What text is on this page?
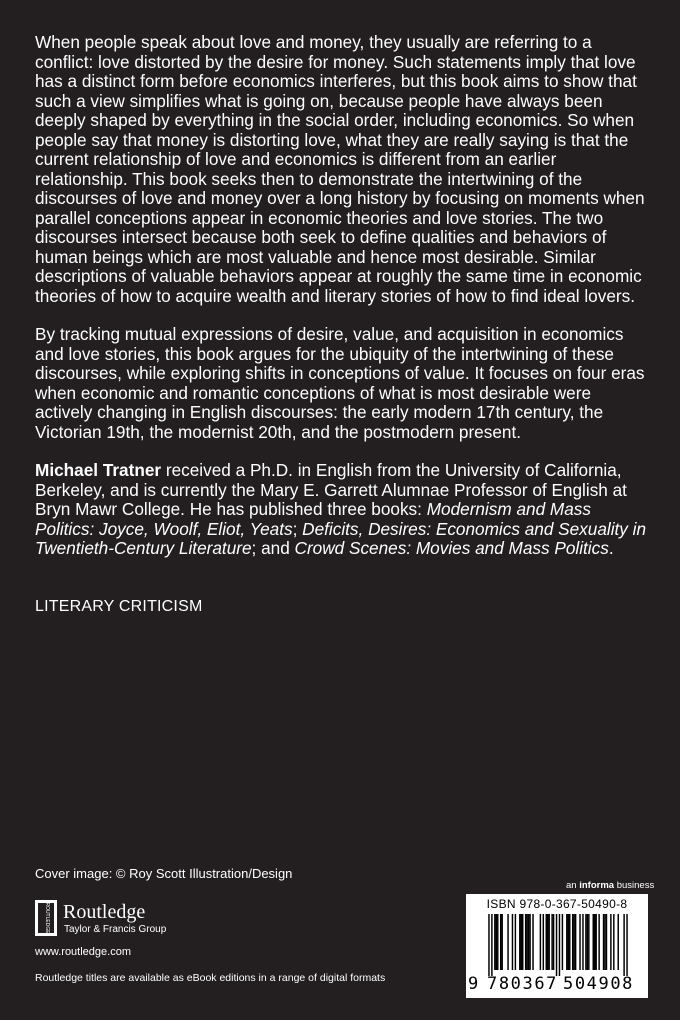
When people speak about love and money, they usually are referring to a conflict: love distorted by the desire for money. Such statements imply that love has a distinct form before economics interferes, but this book aims to show that such a view simplifies what is going on, because people have always been deeply shaped by everything in the social order, including economics. So when people say that money is distorting love, what they are really saying is that the current relationship of love and economics is different from an earlier relationship. This book seeks then to demonstrate the intertwining of the discourses of love and money over a long history by focusing on moments when parallel conceptions appear in economic theories and love stories. The two discourses intersect because both seek to define qualities and behaviors of human beings which are most valuable and hence most desirable. Similar descriptions of valuable behaviors appear at roughly the same time in economic theories of how to acquire wealth and literary stories of how to find ideal lovers.

By tracking mutual expressions of desire, value, and acquisition in economics and love stories, this book argues for the ubiquity of the intertwining of these discourses, while exploring shifts in conceptions of value. It focuses on four eras when economic and romantic conceptions of what is most desirable were actively changing in English discourses: the early modern 17th century, the Victorian 19th, the modernist 20th, and the postmodern present.

Michael Tratner received a Ph.D. in English from the University of California, Berkeley, and is currently the Mary E. Garrett Alumnae Professor of English at Bryn Mawr College. He has published three books: Modernism and Mass Politics: Joyce, Woolf, Eliot, Yeats; Deficits, Desires: Economics and Sexuality in Twentieth-Century Literature; and Crowd Scenes: Movies and Mass Politics.

LITERARY CRITICISM
Cover image: © Roy Scott Illustration/Design
ROUTLEDGE Routledge
Taylor & Francis Group
www.routledge.com
Routledge titles are available as eBook editions in a range of digital formats
an informa business
ISBN 978-0-367-50490-8
9 780367 504908
